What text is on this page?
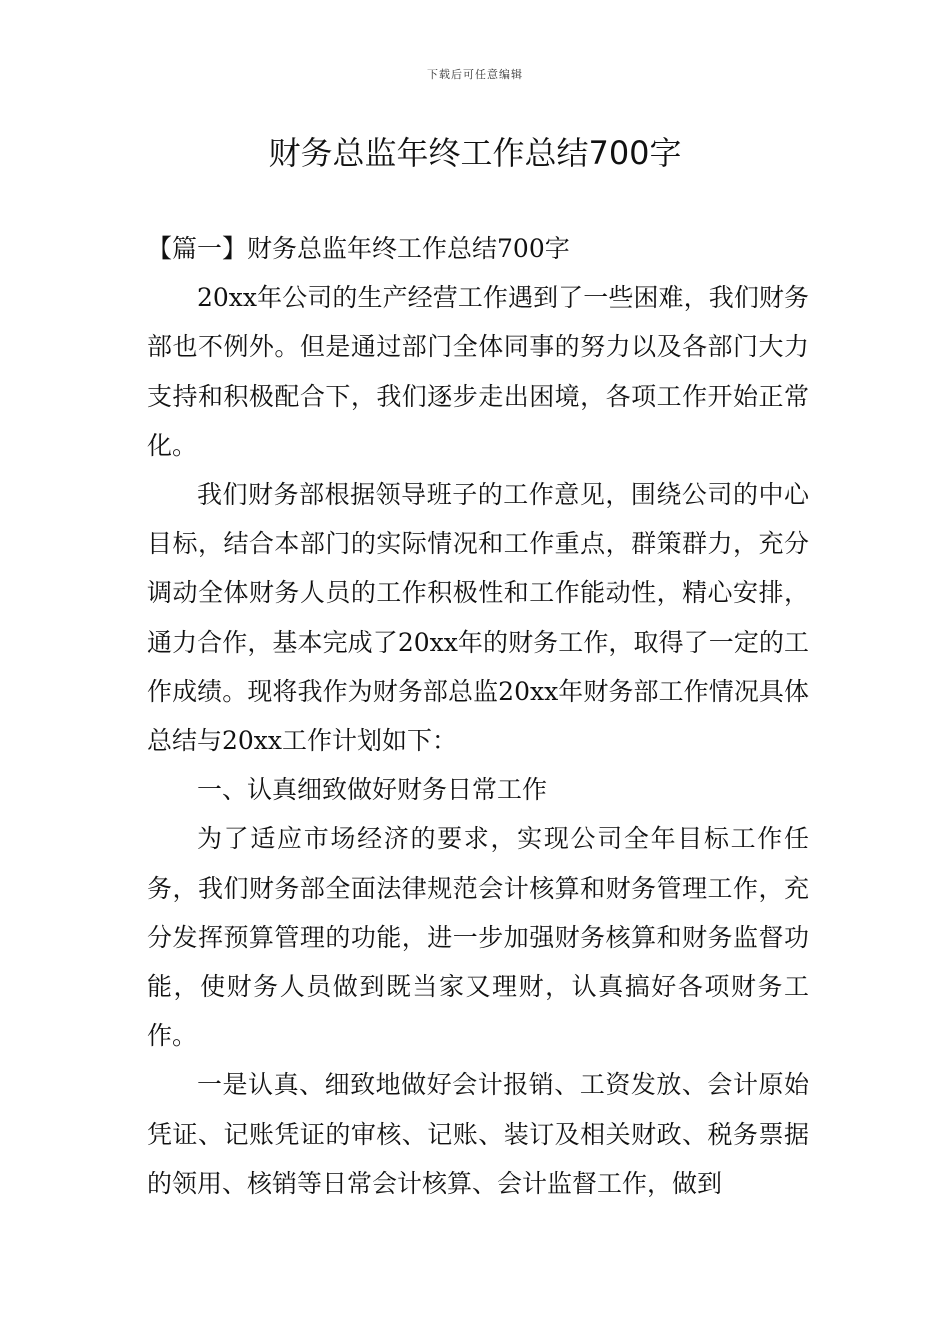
下载后可任意编辑
财务总监年终工作总结700字

【篇一】财务总监年终工作总结700字

20xx年公司的生产经营工作遇到了一些困难，我们财务部也不例外。但是通过部门全体同事的努力以及各部门大力支持和积极配合下，我们逐步走出困境，各项工作开始正常化。

我们财务部根据领导班子的工作意见，围绕公司的中心目标，结合本部门的实际情况和工作重点，群策群力，充分调动全体财务人员的工作积极性和工作能动性，精心安排，通力合作，基本完成了20xx年的财务工作，取得了一定的工作成绩。现将我作为财务部总监20xx年财务部工作情况具体总结与20xx工作计划如下：

一、认真细致做好财务日常工作

为了适应市场经济的要求，实现公司全年目标工作任务，我们财务部全面法律规范会计核算和财务管理工作，充分发挥预算管理的功能，进一步加强财务核算和财务监督功能，使财务人员做到既当家又理财，认真搞好各项财务工作。

一是认真、细致地做好会计报销、工资发放、会计原始凭证、记账凭证的审核、记账、装订及相关财政、税务票据的领用、核销等日常会计核算、会计监督工作，做到
